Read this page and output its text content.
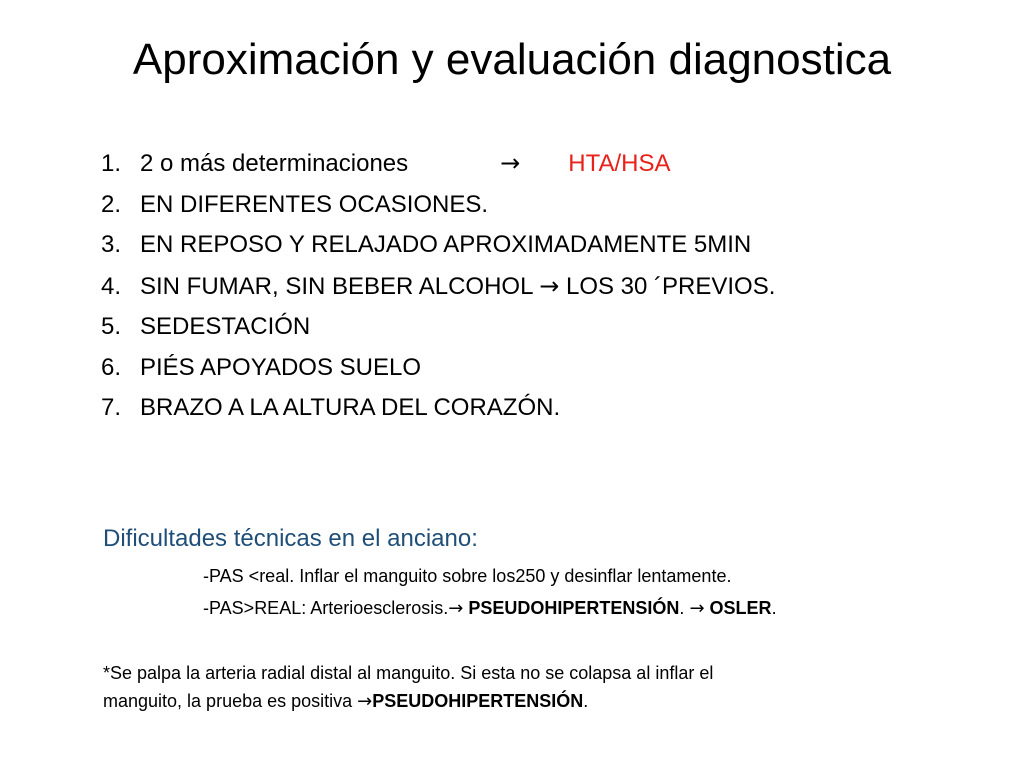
Aproximación y evaluación diagnostica
1. 2 o más determinaciones	→ HTA/HSA
2. EN DIFERENTES OCASIONES.
3. EN REPOSO Y RELAJADO APROXIMADAMENTE 5MIN
4. SIN FUMAR, SIN BEBER ALCOHOL → LOS 30 ´PREVIOS.
5. SEDESTACIÓN
6. PIÉS APOYADOS SUELO
7. BRAZO A LA ALTURA DEL CORAZÓN.
Dificultades técnicas en el anciano:
-PAS <real. Inflar el manguito sobre los250 y desinflar lentamente.
-PAS>REAL: Arterioesclerosis.→ PSEUDOHIPERTENSIÓN. → OSLER.

*Se palpa la arteria radial distal al manguito. Si esta no se colapsa al inflar el

manguito, la prueba es positiva →PSEUDOHIPERTENSIÓN.
